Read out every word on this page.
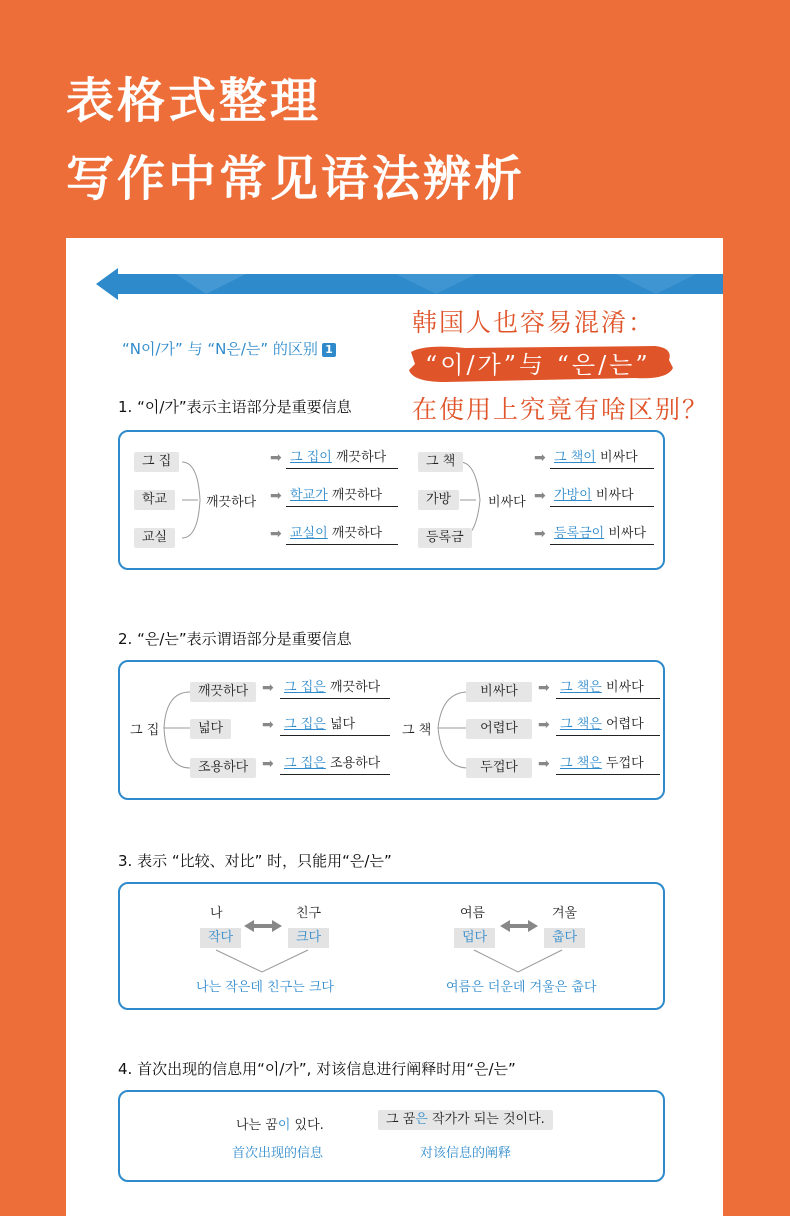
表格式整理
写作中常见语法辨析
韩国人也容易混淆：
“이/가”与 “은/는”
在使用上究竟有啥区别？
“N이/가” 与 “N은/는” 的区别 1
1. “이/가”表示主语部分是重要信息
그 집
학교
교실
깨끗하다
➡
➡
➡
그 집이 깨끗하다
학교가 깨끗하다
교실이 깨끗하다
그 책
가방
등록금
비싸다
➡
➡
➡
그 책이 비싸다
가방이 비싸다
등록금이 비싸다
2. “은/는”表示谓语部分是重要信息
그 집
깨끗하다
넓다
조용하다
➡
➡
➡
그 집은 깨끗하다
그 집은 넓다
그 집은 조용하다
그 책
비싸다
어렵다
두껍다
➡
➡
➡
그 책은 비싸다
그 책은 어렵다
그 책은 두껍다
3. 表示 “比较、对比” 时，只能用“은/는”
나	친구
작다	크다
나는 작은데 친구는 크다
여름	겨울
덥다	춥다
여름은 더운데 겨울은 춥다
4. 首次出现的信息用“이/가”, 对该信息进行阐释时用“은/는”
나는 꿈이 있다.
首次出现的信息
그 꿈은 작가가 되는 것이다.
对该信息的阐释
